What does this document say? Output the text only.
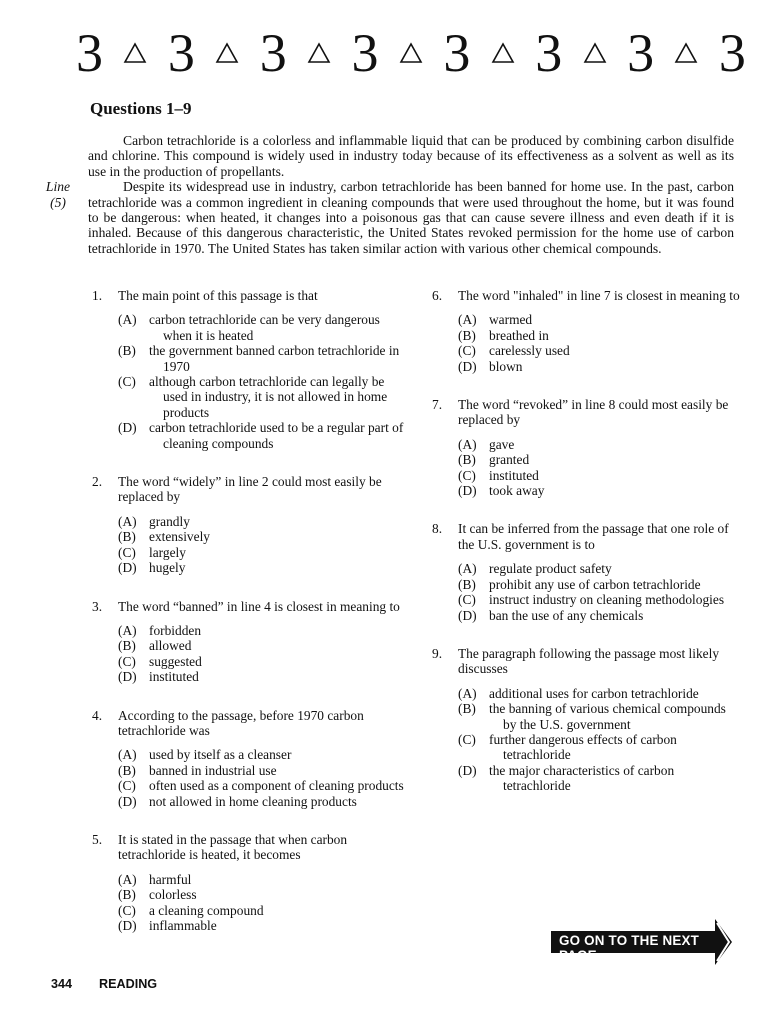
3 3 3 3 3 3 3 3
Questions 1–9
Line
(5)

Carbon tetrachloride is a colorless and inflammable liquid that can be produced by combining carbon disulfide and chlorine. This compound is widely used in industry today because of its effectiveness as a solvent as well as its use in the production of propellants.

Despite its widespread use in industry, carbon tetrachloride has been banned for home use. In the past, carbon tetrachloride was a common ingredient in cleaning compounds that were used throughout the home, but it was found to be dangerous: when heated, it changes into a poisonous gas that can cause severe illness and even death if it is inhaled. Because of this dangerous characteristic, the United States revoked permission for the home use of carbon tetrachloride in 1970. The United States has taken similar action with various other chemical compounds.

1.	The main point of this passage is that
(A) carbon tetrachloride can be very dangerous when it is heated
(B) the government banned carbon tetrachloride in 1970
(C) although carbon tetrachloride can legally be used in industry, it is not allowed in home products
(D) carbon tetrachloride used to be a regular part of cleaning compounds
2.	The word “widely” in line 2 could most easily be replaced by
(A) grandly
(B) extensively
(C) largely
(D) hugely
3.	The word “banned” in line 4 is closest in meaning to
(A) forbidden
(B) allowed
(C) suggested
(D) instituted
4.	According to the passage, before 1970 carbon tetrachloride was
(A) used by itself as a cleanser
(B) banned in industrial use
(C) often used as a component of cleaning products
(D) not allowed in home cleaning products
5.	It is stated in the passage that when carbon tetrachloride is heated, it becomes
(A) harmful
(B) colorless
(C) a cleaning compound
(D) inflammable
6.	The word "inhaled" in line 7 is closest in meaning to
(A) warmed
(B) breathed in
(C) carelessly used
(D) blown
7.	The word “revoked” in line 8 could most easily be replaced by
(A) gave
(B) granted
(C) instituted
(D) took away
8.	It can be inferred from the passage that one role of the U.S. government is to
(A) regulate product safety
(B) prohibit any use of carbon tetrachloride
(C) instruct industry on cleaning methodologies
(D) ban the use of any chemicals
9.	The paragraph following the passage most likely discusses
(A) additional uses for carbon tetrachloride
(B) the banning of various chemical compounds by the U.S. government
(C) further dangerous effects of carbon tetrachloride
(D) the major characteristics of carbon tetrachloride
GO ON TO THE NEXT PAGE
344 READING
